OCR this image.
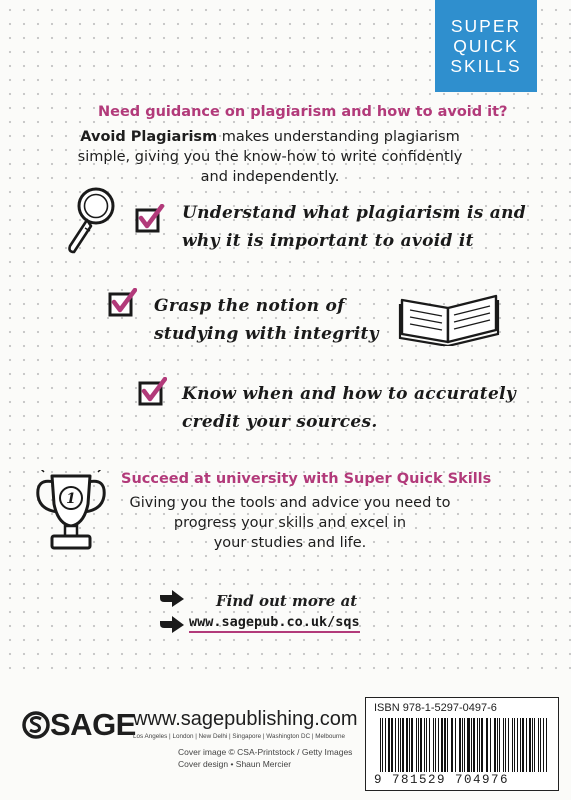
SUPER
QUICK
SKILLS
Need guidance on plagiarism and how to avoid it?
Avoid Plagiarism makes understanding plagiarism
simple, giving you the know-how to write confidently
and independently.
Understand what plagiarism is and
why it is important to avoid it
Grasp the notion of
studying with integrity
Know when and how to accurately
credit your sources.
1
Succeed at university with Super Quick Skills
Giving you the tools and advice you need to
progress your skills and excel in
your studies and life.
Find out more at
www.sagepub.co.uk/sqs
SAGE
www.sagepublishing.com
Los Angeles | London | New Delhi | Singapore | Washington DC | Melbourne
Cover image © CSA-Printstock / Getty Images
Cover design • Shaun Mercier
ISBN 978-1-5297-0497-6
9 781529 704976
